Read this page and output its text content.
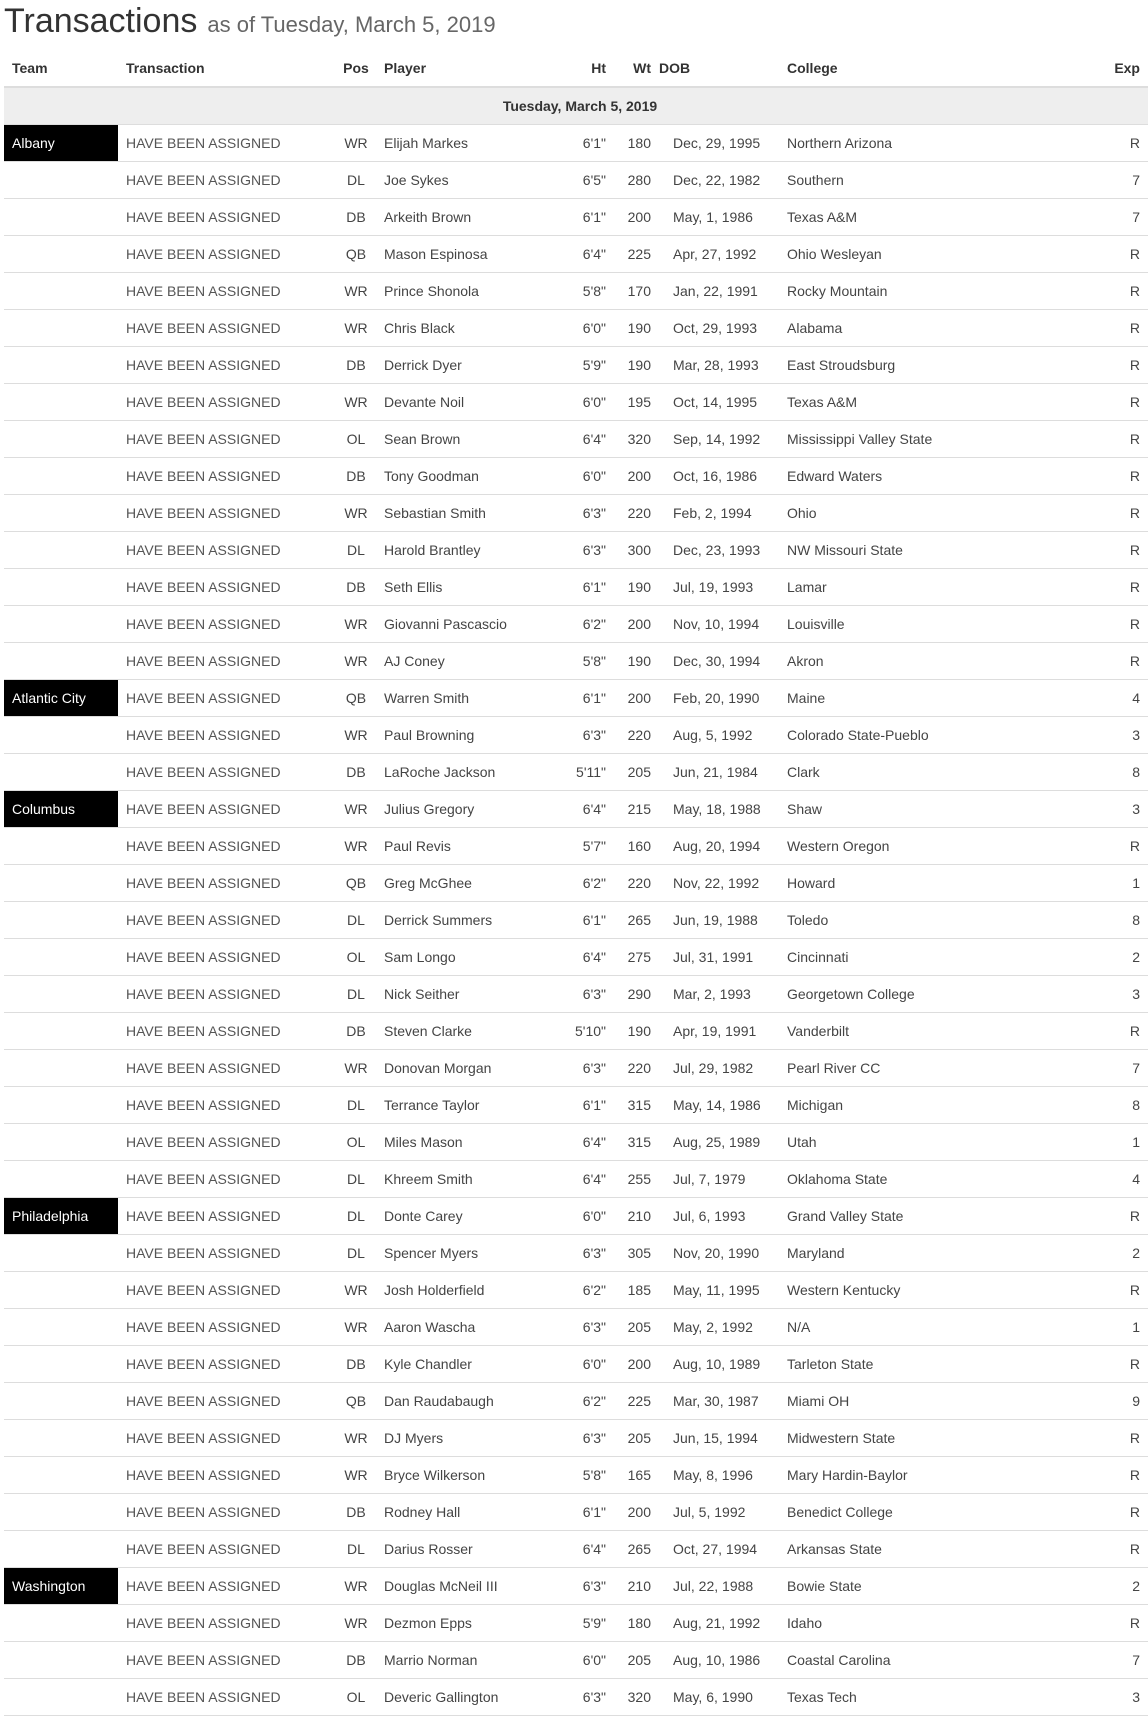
Transactions as of Tuesday, March 5, 2019
Team	Transaction	Pos	Player	Ht	Wt	DOB	College	Exp
Tuesday, March 5, 2019								
Albany	HAVE BEEN ASSIGNED	WR	Elijah Markes	6'1"	180	Dec, 29, 1995	Northern Arizona	R
	HAVE BEEN ASSIGNED	DL	Joe Sykes	6'5"	280	Dec, 22, 1982	Southern	7
	HAVE BEEN ASSIGNED	DB	Arkeith Brown	6'1"	200	May, 1, 1986	Texas A&M	7
	HAVE BEEN ASSIGNED	QB	Mason Espinosa	6'4"	225	Apr, 27, 1992	Ohio Wesleyan	R
	HAVE BEEN ASSIGNED	WR	Prince Shonola	5'8"	170	Jan, 22, 1991	Rocky Mountain	R
	HAVE BEEN ASSIGNED	WR	Chris Black	6'0"	190	Oct, 29, 1993	Alabama	R
	HAVE BEEN ASSIGNED	DB	Derrick Dyer	5'9"	190	Mar, 28, 1993	East Stroudsburg	R
	HAVE BEEN ASSIGNED	WR	Devante Noil	6'0"	195	Oct, 14, 1995	Texas A&M	R
	HAVE BEEN ASSIGNED	OL	Sean Brown	6'4"	320	Sep, 14, 1992	Mississippi Valley State	R
	HAVE BEEN ASSIGNED	DB	Tony Goodman	6'0"	200	Oct, 16, 1986	Edward Waters	R
	HAVE BEEN ASSIGNED	WR	Sebastian Smith	6'3"	220	Feb, 2, 1994	Ohio	R
	HAVE BEEN ASSIGNED	DL	Harold Brantley	6'3"	300	Dec, 23, 1993	NW Missouri State	R
	HAVE BEEN ASSIGNED	DB	Seth Ellis	6'1"	190	Jul, 19, 1993	Lamar	R
	HAVE BEEN ASSIGNED	WR	Giovanni Pascascio	6'2"	200	Nov, 10, 1994	Louisville	R
	HAVE BEEN ASSIGNED	WR	AJ Coney	5'8"	190	Dec, 30, 1994	Akron	R
Atlantic City	HAVE BEEN ASSIGNED	QB	Warren Smith	6'1"	200	Feb, 20, 1990	Maine	4
	HAVE BEEN ASSIGNED	WR	Paul Browning	6'3"	220	Aug, 5, 1992	Colorado State-Pueblo	3
	HAVE BEEN ASSIGNED	DB	LaRoche Jackson	5'11"	205	Jun, 21, 1984	Clark	8
Columbus	HAVE BEEN ASSIGNED	WR	Julius Gregory	6'4"	215	May, 18, 1988	Shaw	3
	HAVE BEEN ASSIGNED	WR	Paul Revis	5'7"	160	Aug, 20, 1994	Western Oregon	R
	HAVE BEEN ASSIGNED	QB	Greg McGhee	6'2"	220	Nov, 22, 1992	Howard	1
	HAVE BEEN ASSIGNED	DL	Derrick Summers	6'1"	265	Jun, 19, 1988	Toledo	8
	HAVE BEEN ASSIGNED	OL	Sam Longo	6'4"	275	Jul, 31, 1991	Cincinnati	2
	HAVE BEEN ASSIGNED	DL	Nick Seither	6'3"	290	Mar, 2, 1993	Georgetown College	3
	HAVE BEEN ASSIGNED	DB	Steven Clarke	5'10"	190	Apr, 19, 1991	Vanderbilt	R
	HAVE BEEN ASSIGNED	WR	Donovan Morgan	6'3"	220	Jul, 29, 1982	Pearl River CC	7
	HAVE BEEN ASSIGNED	DL	Terrance Taylor	6'1"	315	May, 14, 1986	Michigan	8
	HAVE BEEN ASSIGNED	OL	Miles Mason	6'4"	315	Aug, 25, 1989	Utah	1
	HAVE BEEN ASSIGNED	DL	Khreem Smith	6'4"	255	Jul, 7, 1979	Oklahoma State	4
Philadelphia	HAVE BEEN ASSIGNED	DL	Donte Carey	6'0"	210	Jul, 6, 1993	Grand Valley State	R
	HAVE BEEN ASSIGNED	DL	Spencer Myers	6'3"	305	Nov, 20, 1990	Maryland	2
	HAVE BEEN ASSIGNED	WR	Josh Holderfield	6'2"	185	May, 11, 1995	Western Kentucky	R
	HAVE BEEN ASSIGNED	WR	Aaron Wascha	6'3"	205	May, 2, 1992	N/A	1
	HAVE BEEN ASSIGNED	DB	Kyle Chandler	6'0"	200	Aug, 10, 1989	Tarleton State	R
	HAVE BEEN ASSIGNED	QB	Dan Raudabaugh	6'2"	225	Mar, 30, 1987	Miami OH	9
	HAVE BEEN ASSIGNED	WR	DJ Myers	6'3"	205	Jun, 15, 1994	Midwestern State	R
	HAVE BEEN ASSIGNED	WR	Bryce Wilkerson	5'8"	165	May, 8, 1996	Mary Hardin-Baylor	R
	HAVE BEEN ASSIGNED	DB	Rodney Hall	6'1"	200	Jul, 5, 1992	Benedict College	R
	HAVE BEEN ASSIGNED	DL	Darius Rosser	6'4"	265	Oct, 27, 1994	Arkansas State	R
Washington	HAVE BEEN ASSIGNED	WR	Douglas McNeil III	6'3"	210	Jul, 22, 1988	Bowie State	2
	HAVE BEEN ASSIGNED	WR	Dezmon Epps	5'9"	180	Aug, 21, 1992	Idaho	R
	HAVE BEEN ASSIGNED	DB	Marrio Norman	6'0"	205	Aug, 10, 1986	Coastal Carolina	7
	HAVE BEEN ASSIGNED	OL	Deveric Gallington	6'3"	320	May, 6, 1990	Texas Tech	3
